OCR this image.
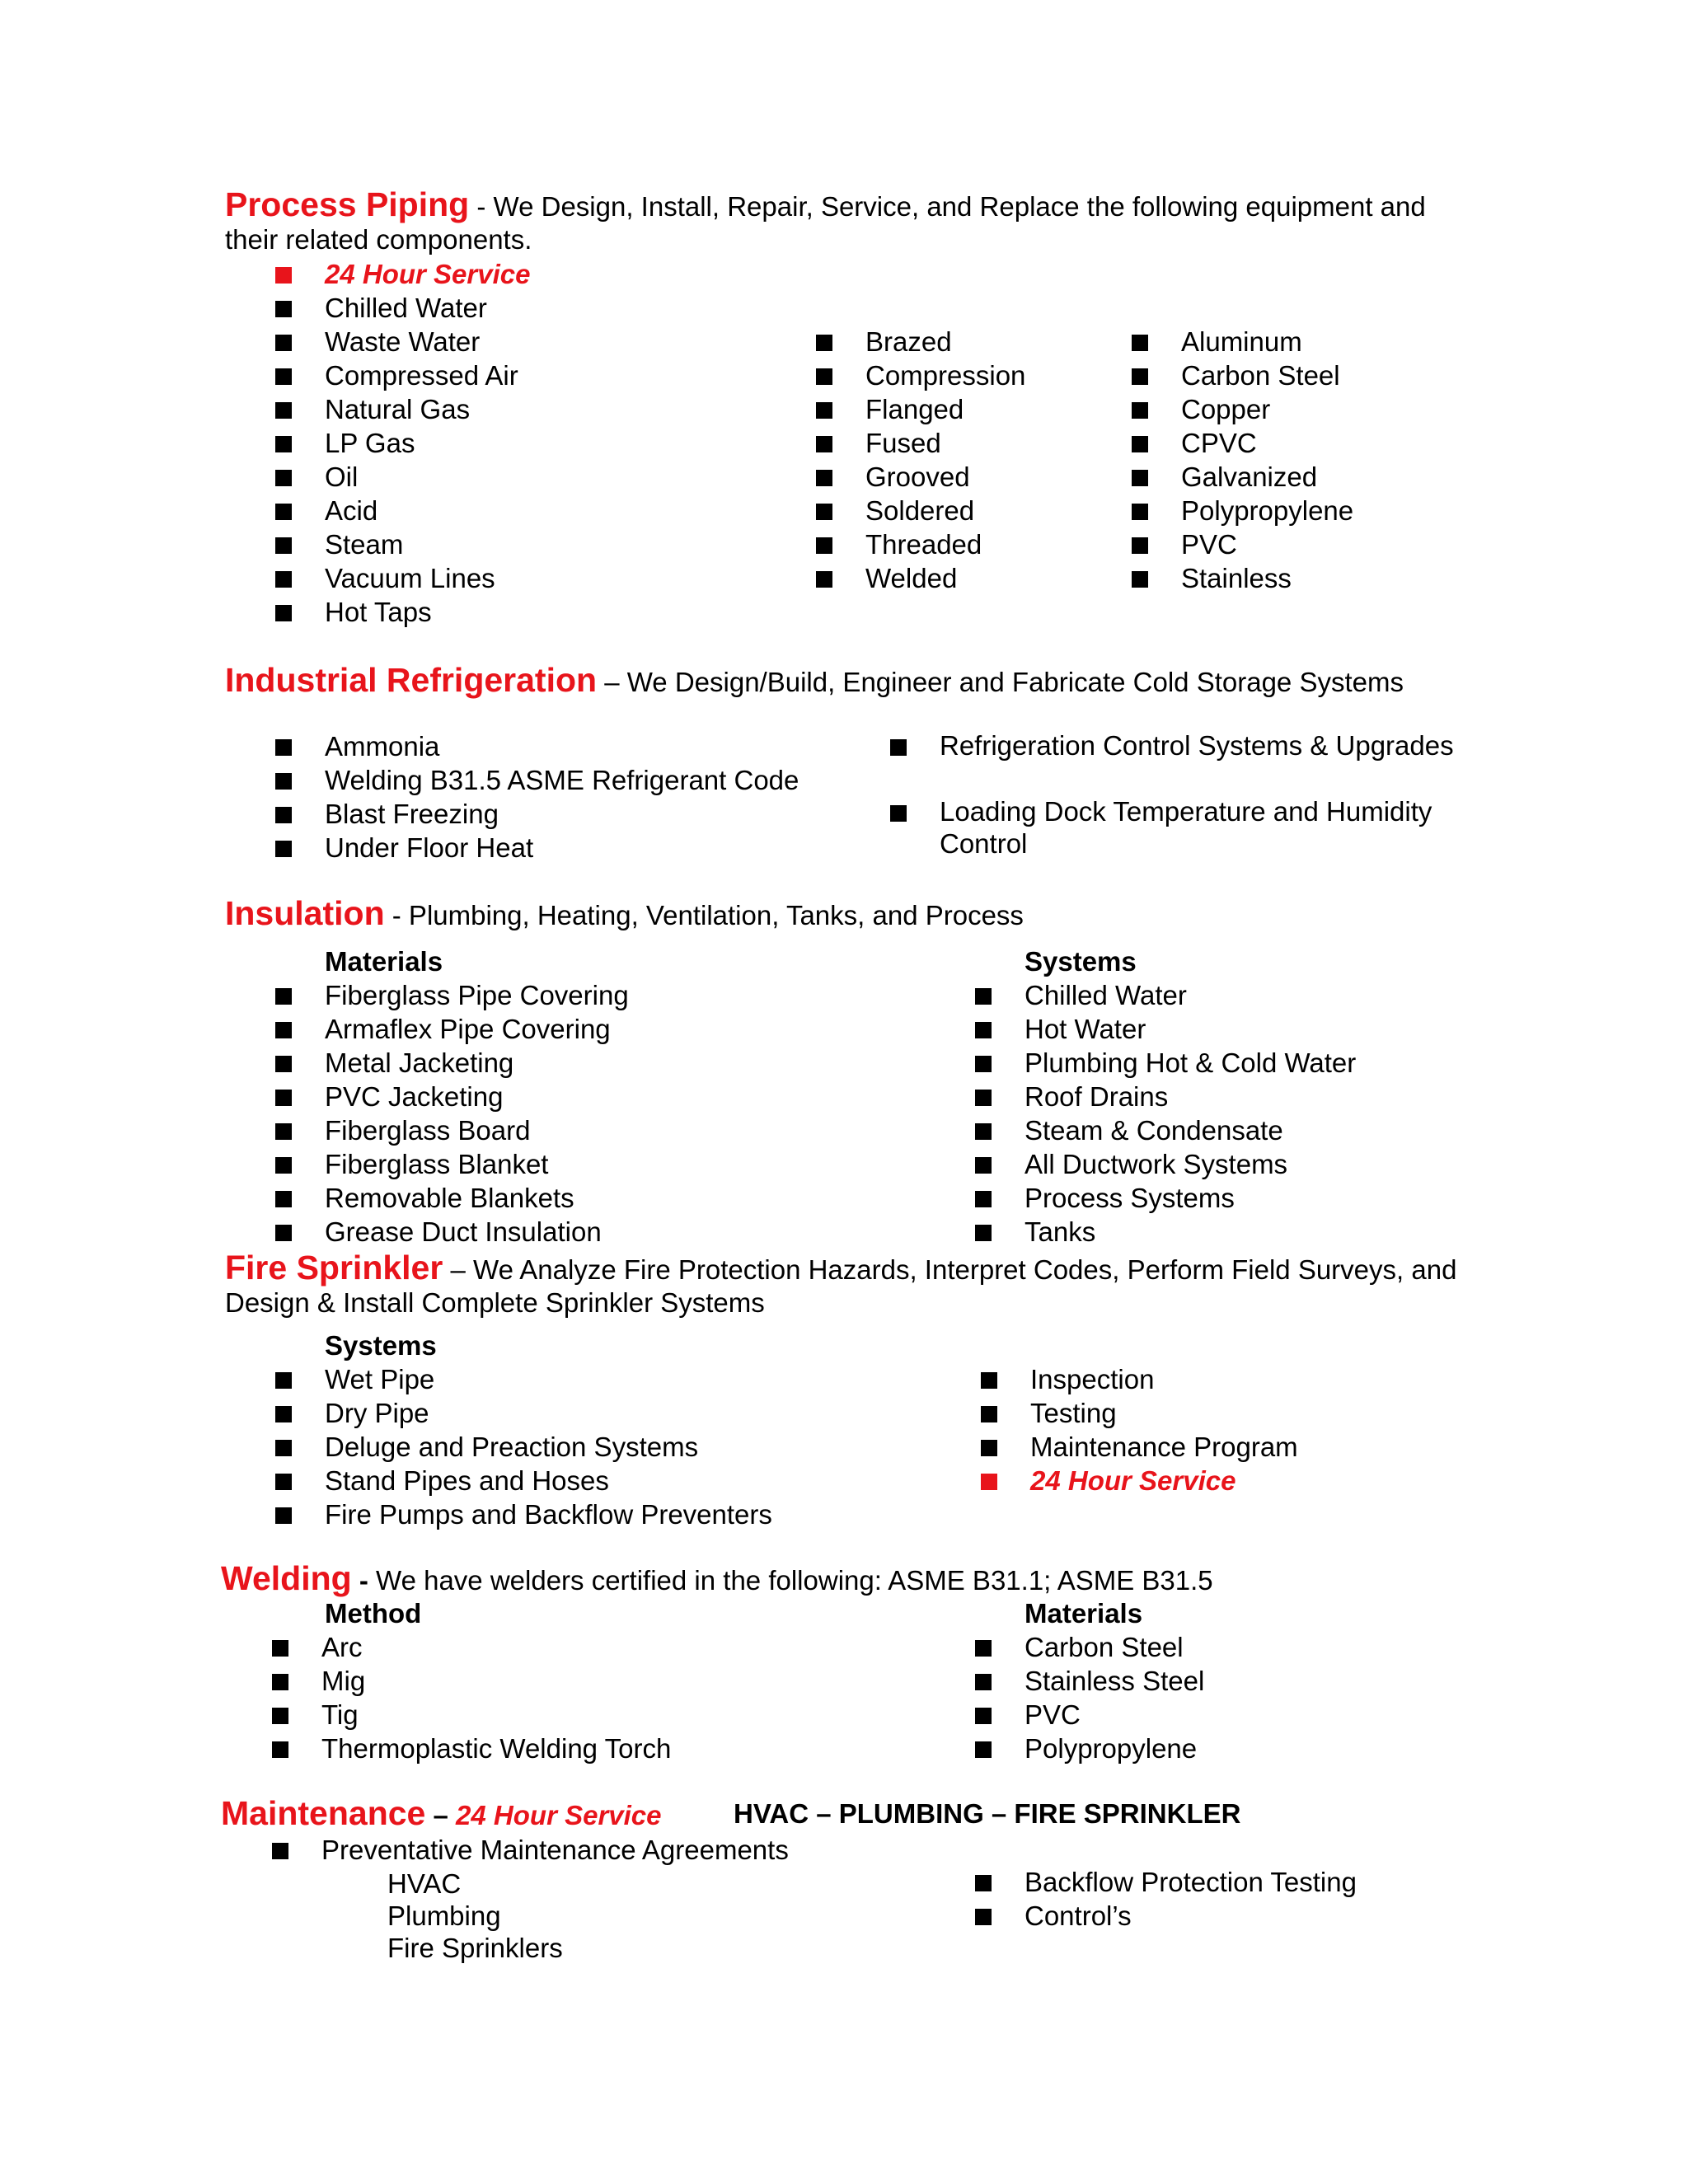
Process Piping - We Design, Install, Repair, Service, and Replace the following equipment and their related components.
24 Hour Service
Chilled Water
Waste Water
Compressed Air
Natural Gas
LP Gas
Oil
Acid
Steam
Vacuum Lines
Hot Taps
Brazed
Compression
Flanged
Fused
Grooved
Soldered
Threaded
Welded
Aluminum
Carbon Steel
Copper
CPVC
Galvanized
Polypropylene
PVC
Stainless
Industrial Refrigeration – We Design/Build, Engineer and Fabricate Cold Storage Systems
Ammonia
Welding B31.5 ASME Refrigerant Code
Blast Freezing
Under Floor Heat
Refrigeration Control Systems & Upgrades
Loading Dock Temperature and Humidity Control
Insulation - Plumbing, Heating, Ventilation, Tanks, and Process
Materials
Fiberglass Pipe Covering
Armaflex Pipe Covering
Metal Jacketing
PVC Jacketing
Fiberglass Board
Fiberglass Blanket
Removable Blankets
Grease Duct Insulation
Systems
Chilled Water
Hot Water
Plumbing Hot & Cold Water
Roof Drains
Steam & Condensate
All Ductwork Systems
Process Systems
Tanks
Fire Sprinkler – We Analyze Fire Protection Hazards, Interpret Codes, Perform Field Surveys, and Design & Install Complete Sprinkler Systems
Systems
Wet Pipe
Dry Pipe
Deluge and Preaction Systems
Stand Pipes and Hoses
Fire Pumps and Backflow Preventers
Inspection
Testing
Maintenance Program
24 Hour Service
Welding - We have welders certified in the following: ASME B31.1; ASME B31.5
Method
Arc
Mig
Tig
Thermoplastic Welding Torch
Materials
Carbon Steel
Stainless Steel
PVC
Polypropylene
Maintenance – 24 Hour Service	HVAC – PLUMBING – FIRE SPRINKLER
Preventative Maintenance Agreements
HVAC
Plumbing
Fire Sprinklers
Backflow Protection Testing
Control’s
